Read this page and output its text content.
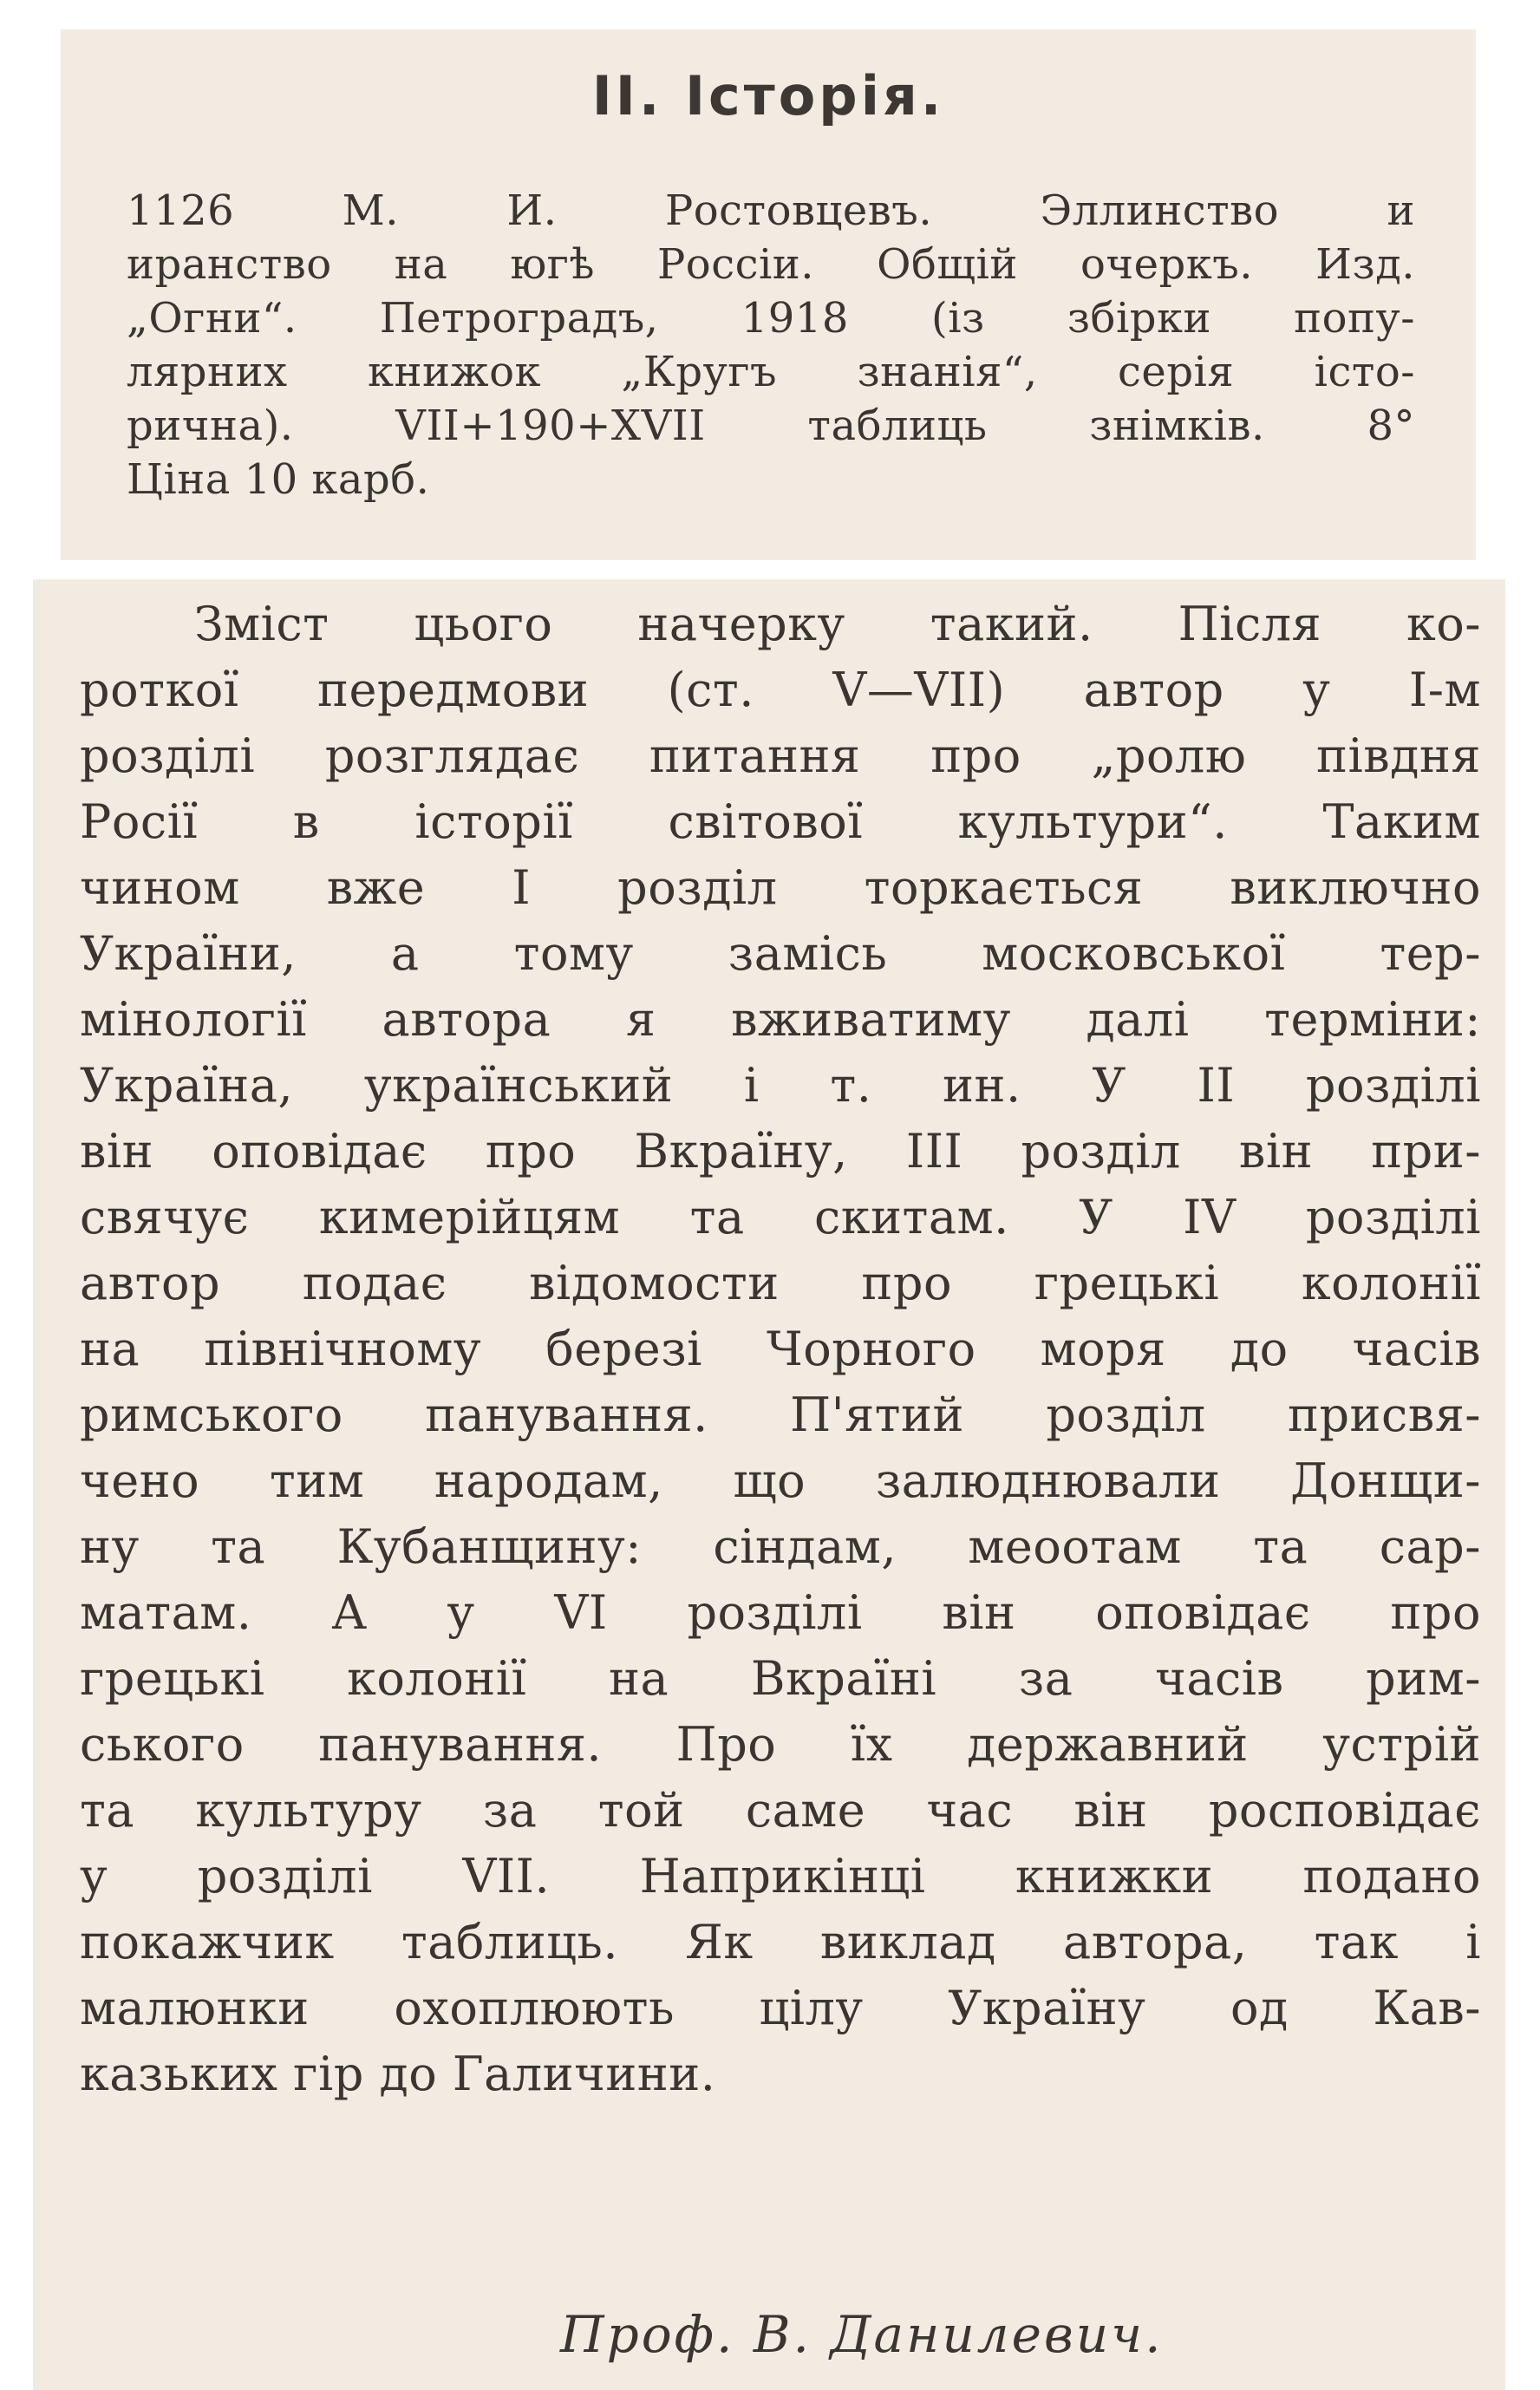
II. Історія.
1126 М. И. Ростовцевъ. Эллинство и
иранство на югѣ Россіи. Общій очеркъ. Изд.
„Огни“. Петроградъ, 1918 (із збірки попу-
лярних книжок „Кругъ знанія“, серія істо-
рична). VII+190+XVII таблиць знімків. 8°
Ціна 10 карб.
Зміст цього начерку такий. Після ко-
роткої передмови (ст. V—VII) автор у I-м
розділі розглядає питання про „ролю півдня
Росії в історії світової культури“. Таким
чином вже I розділ торкається виключно
України, а тому замісь московської тер-
мінології автора я вживатиму далі терміни:
Україна, український і т. ин. У II розділі
він оповідає про Вкраїну, III розділ він при-
свячує кимерійцям та скитам. У IV розділі
автор подає відомости про грецькі колонії
на північному березі Чорного моря до часів
римського панування. П'ятий розділ присвя-
чено тим народам, що залюднювали Донщи-
ну та Кубанщину: сіндам, меоотам та сар-
матам. А у VI розділі він оповідає про
грецькі колонії на Вкраїні за часів рим-
ського панування. Про їх державний устрій
та культуру за той саме час він росповідає
у розділі VII. Наприкінці книжки подано
покажчик таблиць. Як виклад автора, так і
малюнки охоплюють цілу Україну од Кав-
казьких гір до Галичини.
Проф. В. Данилевич.
